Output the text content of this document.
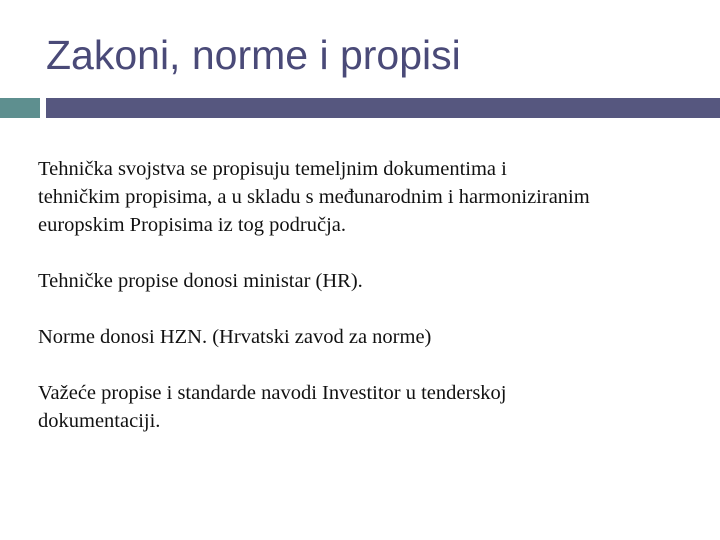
Zakoni, norme i propisi

Tehnička svojstva se propisuju temeljnim dokumentima i
tehničkim propisima, a u skladu s međunarodnim i harmoniziranim
europskim Propisima iz tog područja.

Tehničke propise donosi ministar (HR).

Norme donosi HZN. (Hrvatski zavod za norme)

Važeće propise i standarde navodi Investitor u tenderskoj
dokumentaciji.
